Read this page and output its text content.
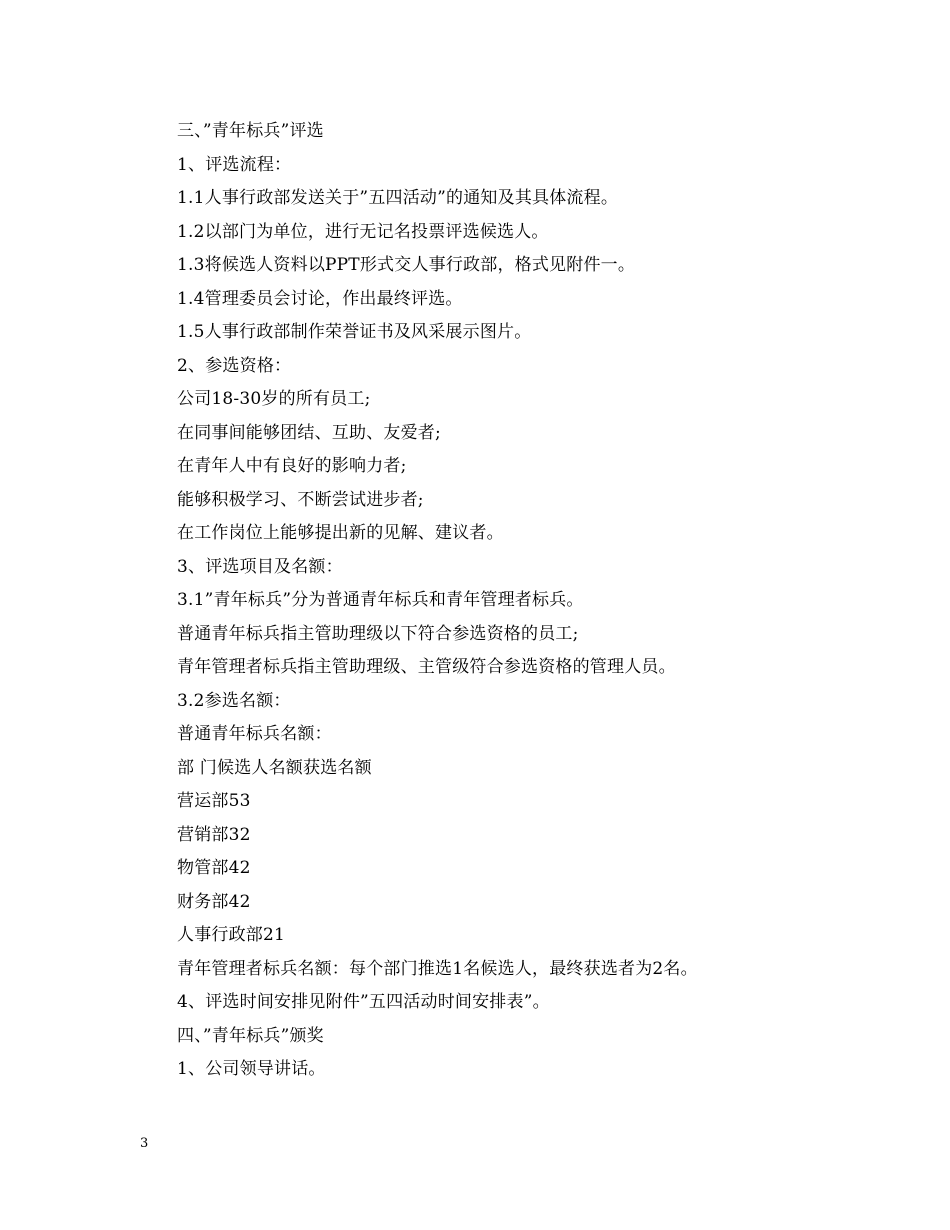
三、”青年标兵”评选
1、评选流程：
1.1人事行政部发送关于”五四活动”的通知及其具体流程。
1.2以部门为单位，进行无记名投票评选候选人。
1.3将候选人资料以PPT形式交人事行政部，格式见附件一。
1.4管理委员会讨论，作出最终评选。
1.5人事行政部制作荣誉证书及风采展示图片。
2、参选资格：
公司18-30岁的所有员工;
在同事间能够团结、互助、友爱者;
在青年人中有良好的影响力者;
能够积极学习、不断尝试进步者;
在工作岗位上能够提出新的见解、建议者。
3、评选项目及名额：
3.1”青年标兵”分为普通青年标兵和青年管理者标兵。
普通青年标兵指主管助理级以下符合参选资格的员工;
青年管理者标兵指主管助理级、主管级符合参选资格的管理人员。
3.2参选名额：
普通青年标兵名额：
部 门候选人名额获选名额
营运部53
营销部32
物管部42
财务部42
人事行政部21
青年管理者标兵名额：每个部门推选1名候选人，最终获选者为2名。
4、评选时间安排见附件”五四活动时间安排表”。
四、”青年标兵”颁奖
1、公司领导讲话。
3
